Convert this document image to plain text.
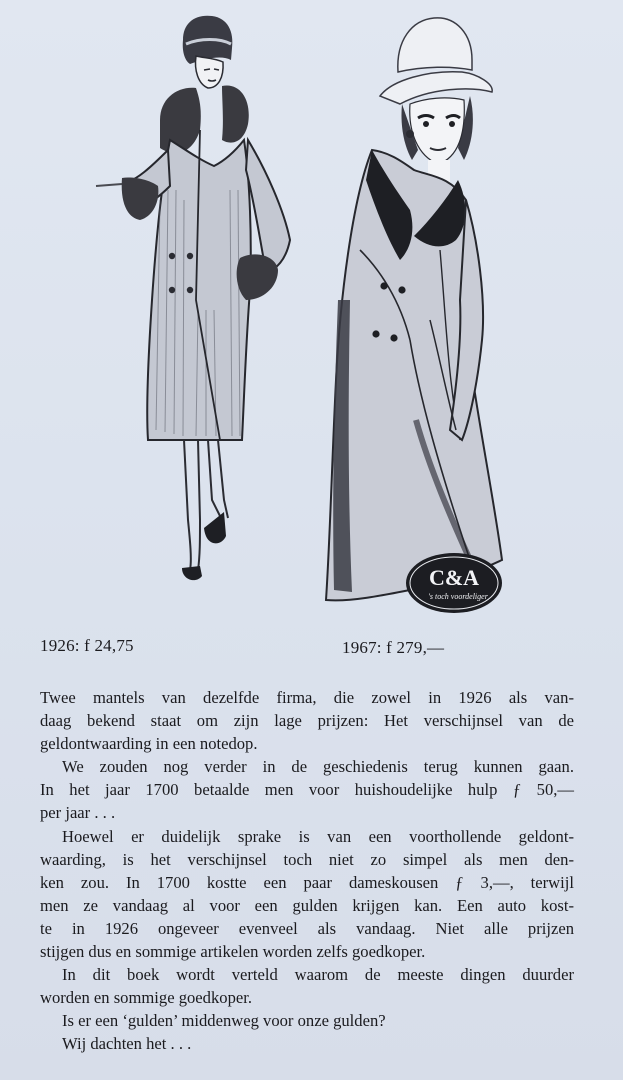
C&A
's toch voordeliger
1926: f 24,75	1967: f 279,—

Twee mantels van dezelfde firma, die zowel in 1926 als van-
daag bekend staat om zijn lage prijzen: Het verschijnsel van de
geldontwaarding in een notedop.

We zouden nog verder in de geschiedenis terug kunnen gaan.
In het jaar 1700 betaalde men voor huishoudelijke hulp ƒ 50,—
per jaar . . .

Hoewel er duidelijk sprake is van een voorthollende geldont-
waarding, is het verschijnsel toch niet zo simpel als men den-
ken zou. In 1700 kostte een paar dameskousen ƒ 3,—, terwijl
men ze vandaag al voor een gulden krijgen kan. Een auto kost-
te in 1926 ongeveer evenveel als vandaag. Niet alle prijzen
stijgen dus en sommige artikelen worden zelfs goedkoper.

In dit boek wordt verteld waarom de meeste dingen duurder
worden en sommige goedkoper.

Is er een ‘gulden’ middenweg voor onze gulden?

Wij dachten het . . .
